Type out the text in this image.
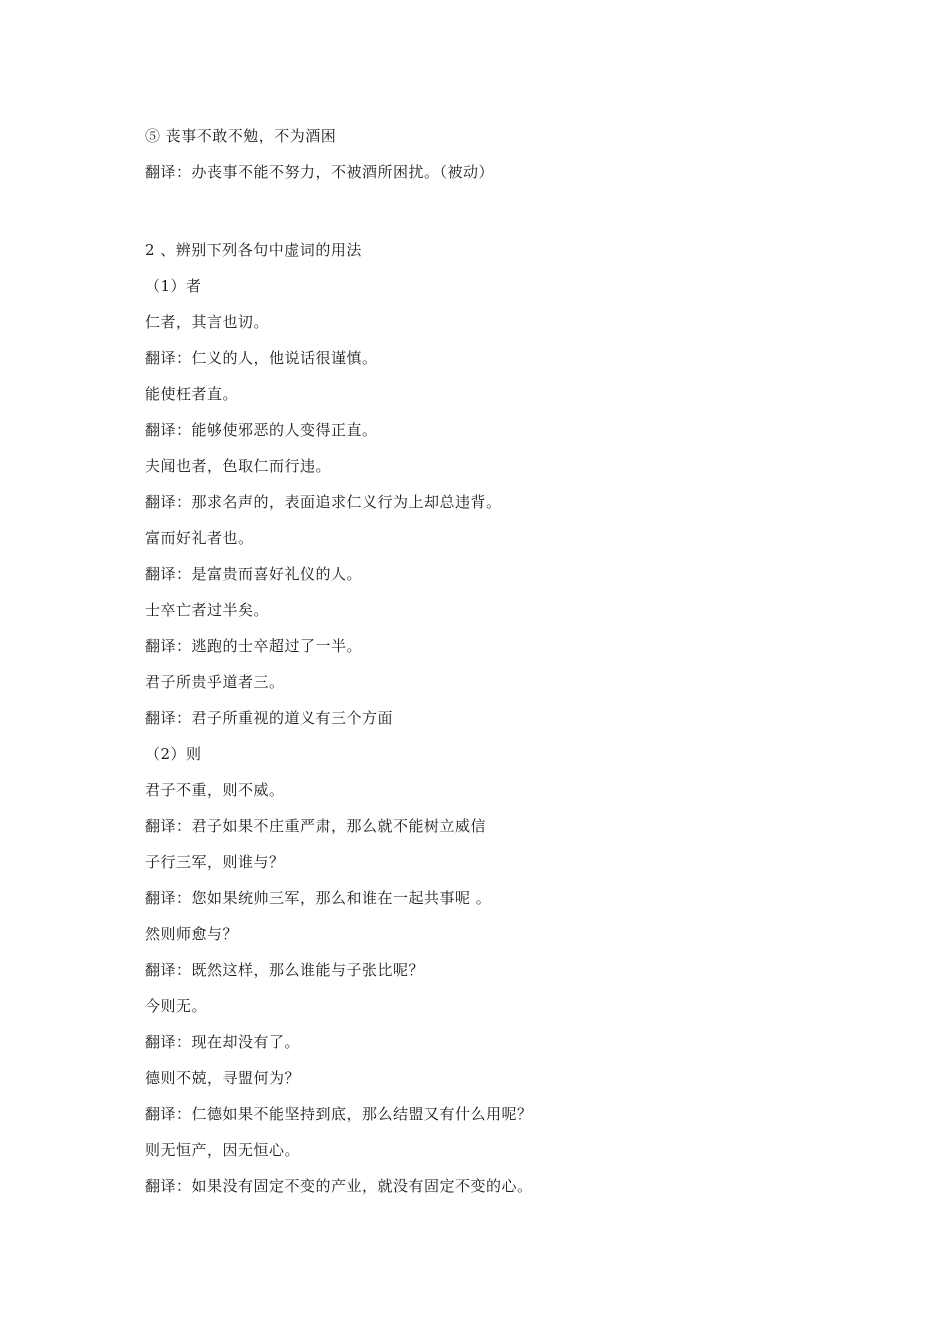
⑤ 丧事不敢不勉，不为酒困
翻译：办丧事不能不努力，不被酒所困扰。（被动）
2 、辨别下列各句中虚词的用法
（1）者
仁者，其言也讱。
翻译：仁义的人，他说话很谨慎。
能使枉者直。
翻译：能够使邪恶的人变得正直。
夫闻也者，色取仁而行违。
翻译：那求名声的，表面追求仁义行为上却总违背。
富而好礼者也。
翻译：是富贵而喜好礼仪的人。
士卒亡者过半矣。
翻译：逃跑的士卒超过了一半。
君子所贵乎道者三。
翻译：君子所重视的道义有三个方面
（2）则
君子不重，则不威。
翻译：君子如果不庄重严肃，那么就不能树立威信
子行三军，则谁与？
翻译：您如果统帅三军，那么和谁在一起共事呢 。
然则师愈与？
翻译：既然这样，那么谁能与子张比呢？
今则无。
翻译：现在却没有了。
德则不兢，寻盟何为？
翻译：仁德如果不能坚持到底，那么结盟又有什么用呢？
则无恒产，因无恒心。
翻译：如果没有固定不变的产业，就没有固定不变的心。
